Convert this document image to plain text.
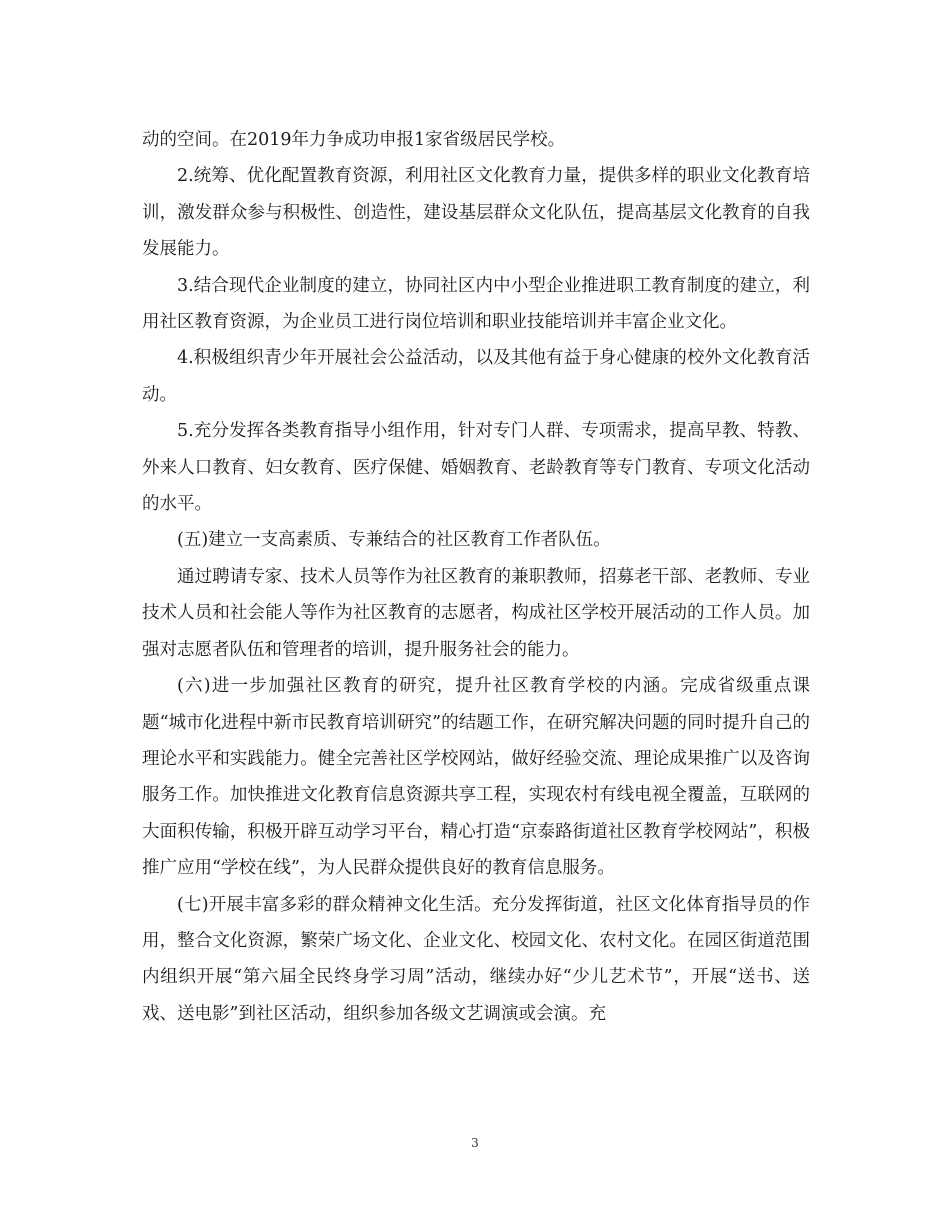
动的空间。在2019年力争成功申报1家省级居民学校。

2.统筹、优化配置教育资源，利用社区文化教育力量，提供多样的职业文化教育培训，激发群众参与积极性、创造性，建设基层群众文化队伍，提高基层文化教育的自我发展能力。

3.结合现代企业制度的建立，协同社区内中小型企业推进职工教育制度的建立，利用社区教育资源，为企业员工进行岗位培训和职业技能培训并丰富企业文化。

4.积极组织青少年开展社会公益活动，以及其他有益于身心健康的校外文化教育活动。

5.充分发挥各类教育指导小组作用，针对专门人群、专项需求，提高早教、特教、外来人口教育、妇女教育、医疗保健、婚姻教育、老龄教育等专门教育、专项文化活动的水平。

(五)建立一支高素质、专兼结合的社区教育工作者队伍。

通过聘请专家、技术人员等作为社区教育的兼职教师，招募老干部、老教师、专业技术人员和社会能人等作为社区教育的志愿者，构成社区学校开展活动的工作人员。加强对志愿者队伍和管理者的培训，提升服务社会的能力。

(六)进一步加强社区教育的研究，提升社区教育学校的内涵。完成省级重点课题“城市化进程中新市民教育培训研究”的结题工作，在研究解决问题的同时提升自己的理论水平和实践能力。健全完善社区学校网站，做好经验交流、理论成果推广以及咨询服务工作。加快推进文化教育信息资源共享工程，实现农村有线电视全覆盖，互联网的大面积传输，积极开辟互动学习平台，精心打造“京泰路街道社区教育学校网站”，积极推广应用“学校在线”，为人民群众提供良好的教育信息服务。

(七)开展丰富多彩的群众精神文化生活。充分发挥街道，社区文化体育指导员的作用，整合文化资源，繁荣广场文化、企业文化、校园文化、农村文化。在园区街道范围内组织开展“第六届全民终身学习周”活动，继续办好“少儿艺术节”，开展“送书、送戏、送电影”到社区活动，组织参加各级文艺调演或会演。充

3
